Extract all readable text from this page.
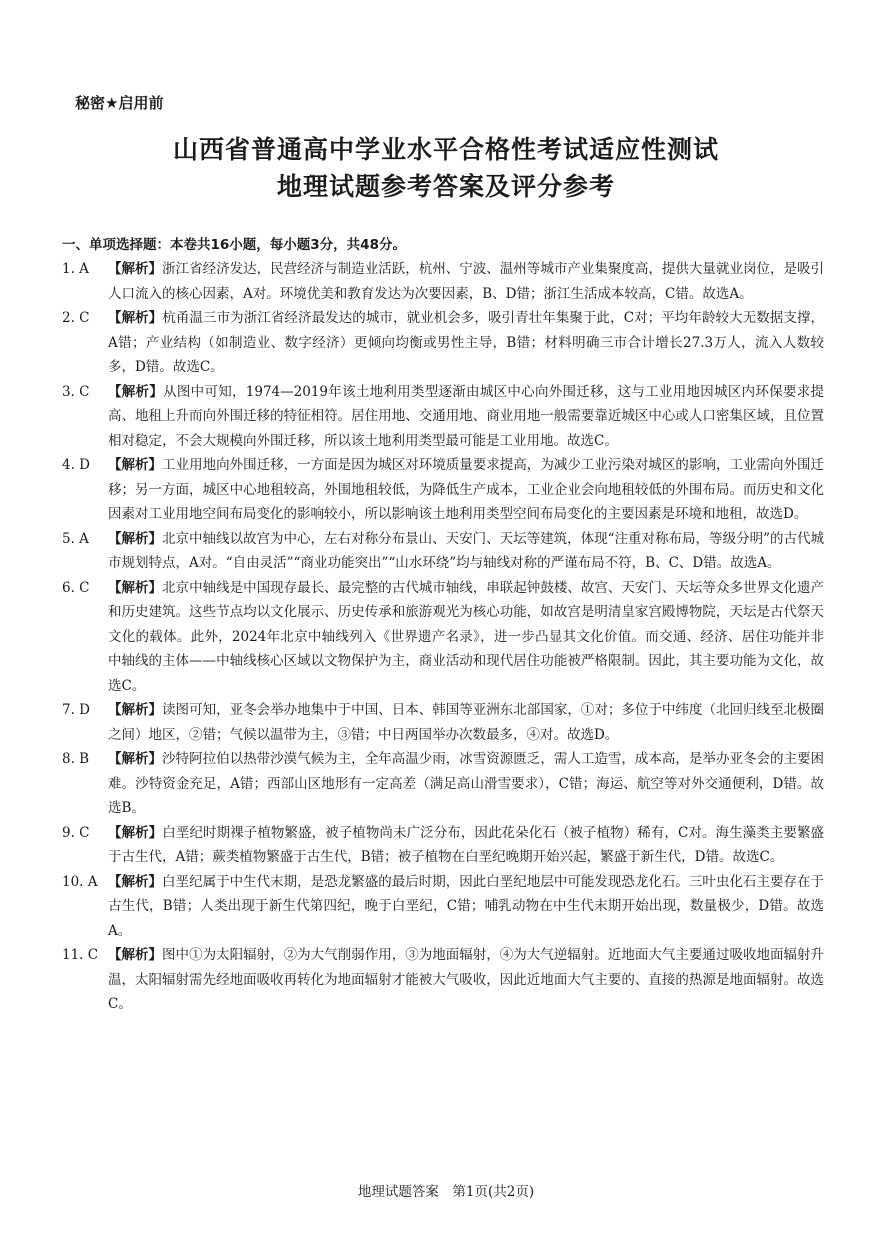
秘密★启用前
山西省普通高中学业水平合格性考试适应性测试
地理试题参考答案及评分参考
一、单项选择题：本卷共16小题，每小题3分，共48分。
1. A	【解析】浙江省经济发达，民营经济与制造业活跃，杭州、宁波、温州等城市产业集聚度高，提供大量就业岗位，是吸引人口流入的核心因素，A对。环境优美和教育发达为次要因素，B、D错；浙江生活成本较高，C错。故选A。
2. C	【解析】杭甬温三市为浙江省经济最发达的城市，就业机会多，吸引青壮年集聚于此，C对；平均年龄较大无数据支撑，A错；产业结构（如制造业、数字经济）更倾向均衡或男性主导，B错；材料明确三市合计增长27.3万人，流入人数较多，D错。故选C。
3. C	【解析】从图中可知，1974—2019年该土地利用类型逐渐由城区中心向外围迁移，这与工业用地因城区内环保要求提高、地租上升而向外围迁移的特征相符。居住用地、交通用地、商业用地一般需要靠近城区中心或人口密集区域，且位置相对稳定，不会大规模向外围迁移，所以该土地利用类型最可能是工业用地。故选C。
4. D	【解析】工业用地向外围迁移，一方面是因为城区对环境质量要求提高，为减少工业污染对城区的影响，工业需向外围迁移；另一方面，城区中心地租较高，外围地租较低，为降低生产成本，工业企业会向地租较低的外围布局。而历史和文化因素对工业用地空间布局变化的影响较小，所以影响该土地利用类型空间布局变化的主要因素是环境和地租，故选D。
5. A	【解析】北京中轴线以故宫为中心，左右对称分布景山、天安门、天坛等建筑，体现“注重对称布局，等级分明”的古代城市规划特点，A对。“自由灵活”“商业功能突出”“山水环绕”均与轴线对称的严谨布局不符，B、C、D错。故选A。
6. C	【解析】北京中轴线是中国现存最长、最完整的古代城市轴线，串联起钟鼓楼、故宫、天安门、天坛等众多世界文化遗产和历史建筑。这些节点均以文化展示、历史传承和旅游观光为核心功能，如故宫是明清皇家宫殿博物院，天坛是古代祭天文化的载体。此外，2024年北京中轴线列入《世界遗产名录》，进一步凸显其文化价值。而交通、经济、居住功能并非中轴线的主体——中轴线核心区域以文物保护为主，商业活动和现代居住功能被严格限制。因此，其主要功能为文化，故选C。
7. D	【解析】读图可知，亚冬会举办地集中于中国、日本、韩国等亚洲东北部国家，①对；多位于中纬度（北回归线至北极圈之间）地区，②错；气候以温带为主，③错；中日两国举办次数最多，④对。故选D。
8. B	【解析】沙特阿拉伯以热带沙漠气候为主，全年高温少雨，冰雪资源匮乏，需人工造雪，成本高，是举办亚冬会的主要困难。沙特资金充足，A错；西部山区地形有一定高差（满足高山滑雪要求），C错；海运、航空等对外交通便利，D错。故选B。
9. C	【解析】白垩纪时期裸子植物繁盛，被子植物尚未广泛分布，因此花朵化石（被子植物）稀有，C对。海生藻类主要繁盛于古生代，A错；蕨类植物繁盛于古生代，B错；被子植物在白垩纪晚期开始兴起，繁盛于新生代，D错。故选C。
10. A 【解析】白垩纪属于中生代末期，是恐龙繁盛的最后时期，因此白垩纪地层中可能发现恐龙化石。三叶虫化石主要存在于古生代，B错；人类出现于新生代第四纪，晚于白垩纪，C错；哺乳动物在中生代末期开始出现，数量极少，D错。故选A。
11. C 【解析】图中①为太阳辐射，②为大气削弱作用，③为地面辐射，④为大气逆辐射。近地面大气主要通过吸收地面辐射升温，太阳辐射需先经地面吸收再转化为地面辐射才能被大气吸收，因此近地面大气主要的、直接的热源是地面辐射。故选C。
地理试题答案　第1页(共2页)
